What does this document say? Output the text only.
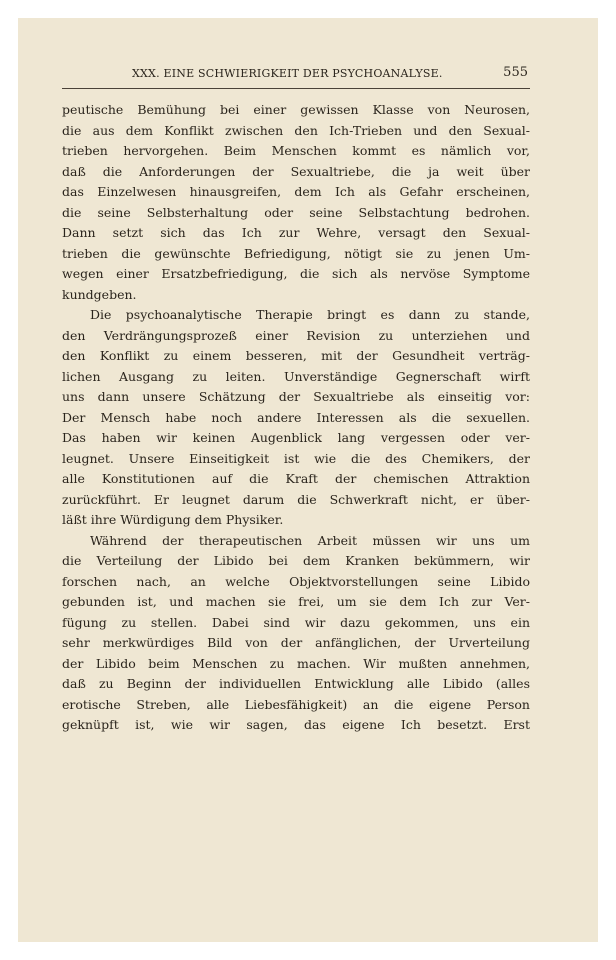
XXX. EINE SCHWIERIGKEIT DER PSYCHOANALYSE.	555
peutische Bemühung bei einer gewissen Klasse von Neurosen,
die aus dem Konflikt zwischen den Ich-Trieben und den Sexual-
trieben hervorgehen. Beim Menschen kommt es nämlich vor,
daß die Anforderungen der Sexualtriebe, die ja weit über
das Einzelwesen hinausgreifen, dem Ich als Gefahr erscheinen,
die seine Selbsterhaltung oder seine Selbstachtung bedrohen.
Dann setzt sich das Ich zur Wehre, versagt den Sexual-
trieben die gewünschte Befriedigung, nötigt sie zu jenen Um-
wegen einer Ersatzbefriedigung, die sich als nervöse Symptome
kundgeben.
Die psychoanalytische Therapie bringt es dann zu stande,
den Verdrängungsprozeß einer Revision zu unterziehen und
den Konflikt zu einem besseren, mit der Gesundheit verträg-
lichen Ausgang zu leiten. Unverständige Gegnerschaft wirft
uns dann unsere Schätzung der Sexualtriebe als einseitig vor:
Der Mensch habe noch andere Interessen als die sexuellen.
Das haben wir keinen Augenblick lang vergessen oder ver-
leugnet. Unsere Einseitigkeit ist wie die des Chemikers, der
alle Konstitutionen auf die Kraft der chemischen Attraktion
zurückführt. Er leugnet darum die Schwerkraft nicht, er über-
läßt ihre Würdigung dem Physiker.
Während der therapeutischen Arbeit müssen wir uns um
die Verteilung der Libido bei dem Kranken bekümmern, wir
forschen nach, an welche Objektvorstellungen seine Libido
gebunden ist, und machen sie frei, um sie dem Ich zur Ver-
fügung zu stellen. Dabei sind wir dazu gekommen, uns ein
sehr merkwürdiges Bild von der anfänglichen, der Urverteilung
der Libido beim Menschen zu machen. Wir mußten annehmen,
daß zu Beginn der individuellen Entwicklung alle Libido (alles
erotische Streben, alle Liebesfähigkeit) an die eigene Person
geknüpft ist, wie wir sagen, das eigene Ich besetzt. Erst
